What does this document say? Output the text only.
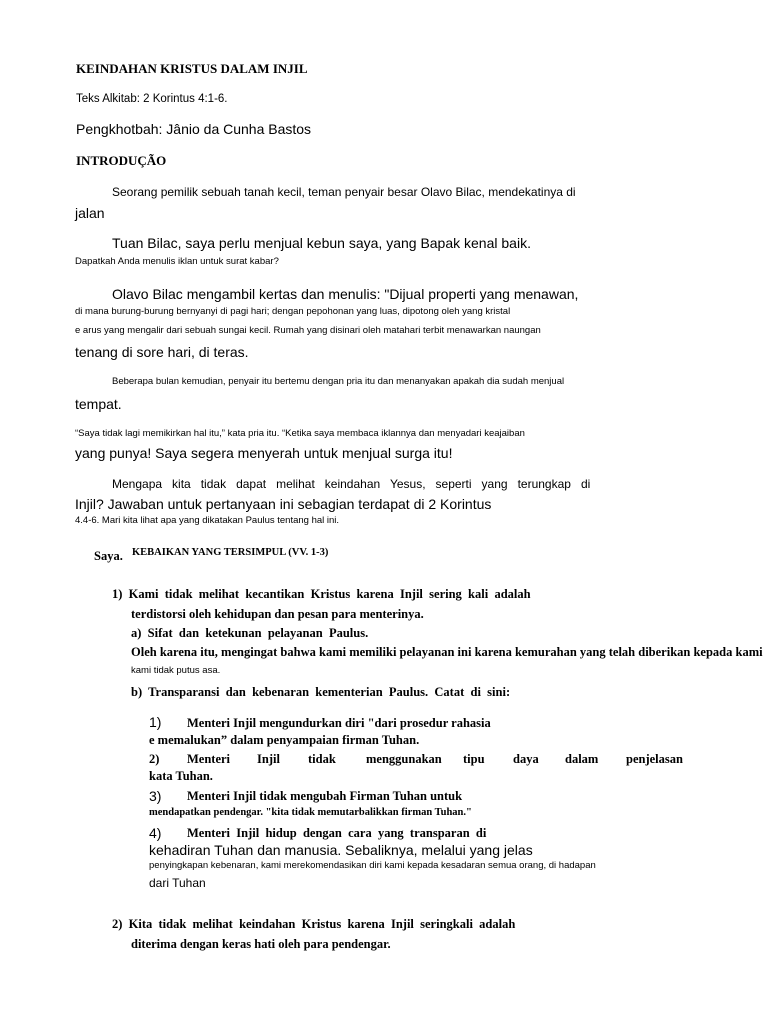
KEINDAHAN KRISTUS DALAM INJIL
Teks Alkitab: 2 Korintus 4:1-6.
Pengkhotbah: Jânio da Cunha Bastos
INTRODUÇÃO
Seorang pemilik sebuah tanah kecil, teman penyair besar Olavo Bilac, mendekatinya di
jalan
Tuan Bilac, saya perlu menjual kebun saya, yang Bapak kenal baik.
Dapatkah Anda menulis iklan untuk surat kabar?
Olavo Bilac mengambil kertas dan menulis: "Dijual properti yang menawan,
di mana burung-burung bernyanyi di pagi hari; dengan pepohonan yang luas, dipotong oleh yang kristal
e arus yang mengalir dari sebuah sungai kecil. Rumah yang disinari oleh matahari terbit menawarkan naungan
tenang di sore hari, di teras.
Beberapa bulan kemudian, penyair itu bertemu dengan pria itu dan menanyakan apakah dia sudah menjual
tempat.
“Saya tidak lagi memikirkan hal itu,” kata pria itu. “Ketika saya membaca iklannya dan menyadari keajaiban
yang punya! Saya segera menyerah untuk menjual surga itu!
Mengapa   kita   tidak   dapat   melihat   keindahan   Yesus,   seperti   yang   terungkap   di
Injil? Jawaban untuk pertanyaan ini sebagian terdapat di 2 Korintus
4.4-6. Mari kita lihat apa yang dikatakan Paulus tentang hal ini.
Saya. KEBAIKAN YANG TERSIMPUL (VV. 1-3)
1)  Kami  tidak  melihat  kecantikan  Kristus  karena  Injil  sering  kali  adalah
terdistorsi oleh kehidupan dan pesan para menterinya.
a)  Sifat  dan  ketekunan  pelayanan  Paulus.
Oleh karena itu, mengingat bahwa kami memiliki pelayanan ini karena kemurahan yang telah diberikan kepada kami
kami tidak putus asa.
b)  Transparansi  dan  kebenaran  kementerian  Paulus.  Catat  di  sini:
1) Menteri Injil mengundurkan diri "dari prosedur rahasia
e memalukan” dalam penyampaian firman Tuhan.
2) Menteri Injil tidak menggunakan tipu daya dalam penjelasan
kata Tuhan.
3) Menteri Injil tidak mengubah Firman Tuhan untuk
mendapatkan pendengar. "kita tidak memutarbalikkan firman Tuhan."
4) Menteri  Injil  hidup  dengan  cara  yang  transparan  di
kehadiran Tuhan dan manusia. Sebaliknya, melalui yang jelas
penyingkapan kebenaran, kami merekomendasikan diri kami kepada kesadaran semua orang, di hadapan
dari Tuhan
2)  Kita  tidak  melihat  keindahan  Kristus  karena  Injil  seringkali  adalah
diterima dengan keras hati oleh para pendengar.
